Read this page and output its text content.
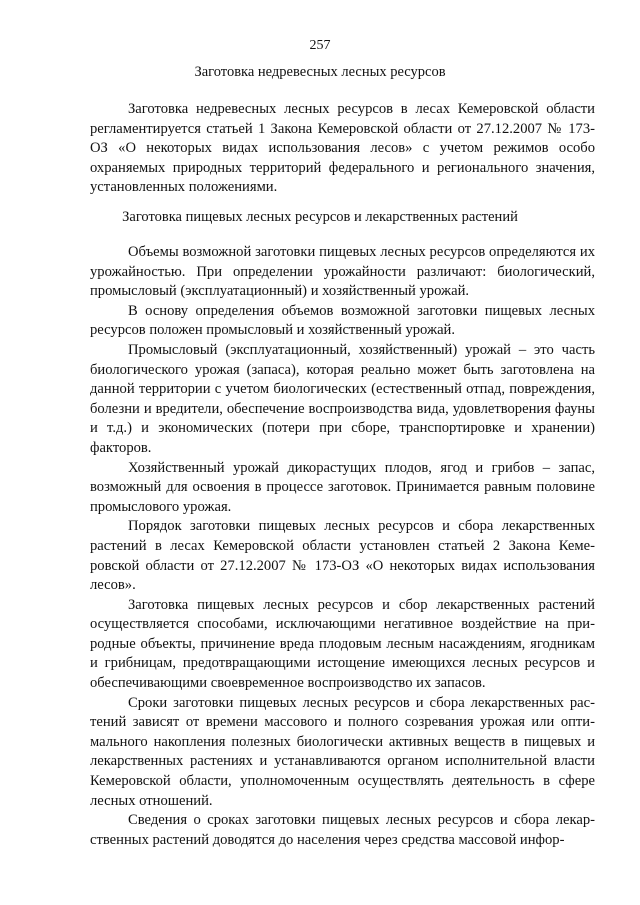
257
Заготовка недревесных лесных ресурсов

Заготовка недревесных лесных ресурсов в лесах Кемеровской области регламентируется статьей 1 Закона Кемеровской области от 27.12.2007 № 173-ОЗ «О некоторых видах использования лесов» с учетом режимов особо охраняемых природных территорий федерального и регионального значения, установленных положениями.

Заготовка пищевых лесных ресурсов и лекарственных растений

Объемы возможной заготовки пищевых лесных ресурсов определяются их урожайностью. При определении урожайности различают: биологический, промысловый (эксплуатационный) и хозяйственный урожай.

В основу определения объемов возможной заготовки пищевых лесных ресурсов положен промысловый и хозяйственный урожай.

Промысловый (эксплуатационный, хозяйственный) урожай – это часть биологического урожая (запаса), которая реально может быть заготовлена на данной территории с учетом биологических (естественный отпад, повреждения, болезни и вредители, обеспечение воспроизводства вида, удовлетворения фауны и т.д.) и экономических (потери при сборе, транспортировке и хранении) факторов.

Хозяйственный урожай дикорастущих плодов, ягод и грибов – запас, возможный для освоения в процессе заготовок. Принимается равным половине промыслового урожая.

Порядок заготовки пищевых лесных ресурсов и сбора лекарственных растений в лесах Кемеровской области установлен статьей 2 Закона Кемеровской области от 27.12.2007 № 173-ОЗ «О некоторых видах использования лесов».

Заготовка пищевых лесных ресурсов и сбор лекарственных растений осуществляется способами, исключающими негативное воздействие на природные объекты, причинение вреда плодовым лесным насаждениям, ягодникам и грибницам, предотвращающими истощение имеющихся лесных ресурсов и обеспечивающими своевременное воспроизводство их запасов.

Сроки заготовки пищевых лесных ресурсов и сбора лекарственных растений зависят от времени массового и полного созревания урожая или оптимального накопления полезных биологически активных веществ в пищевых и лекарственных растениях и устанавливаются органом исполнительной власти Кемеровской области, уполномоченным осуществлять деятельность в сфере лесных отношений.

Сведения о сроках заготовки пищевых лесных ресурсов и сбора лекарственных растений доводятся до населения через средства массовой инфор-
